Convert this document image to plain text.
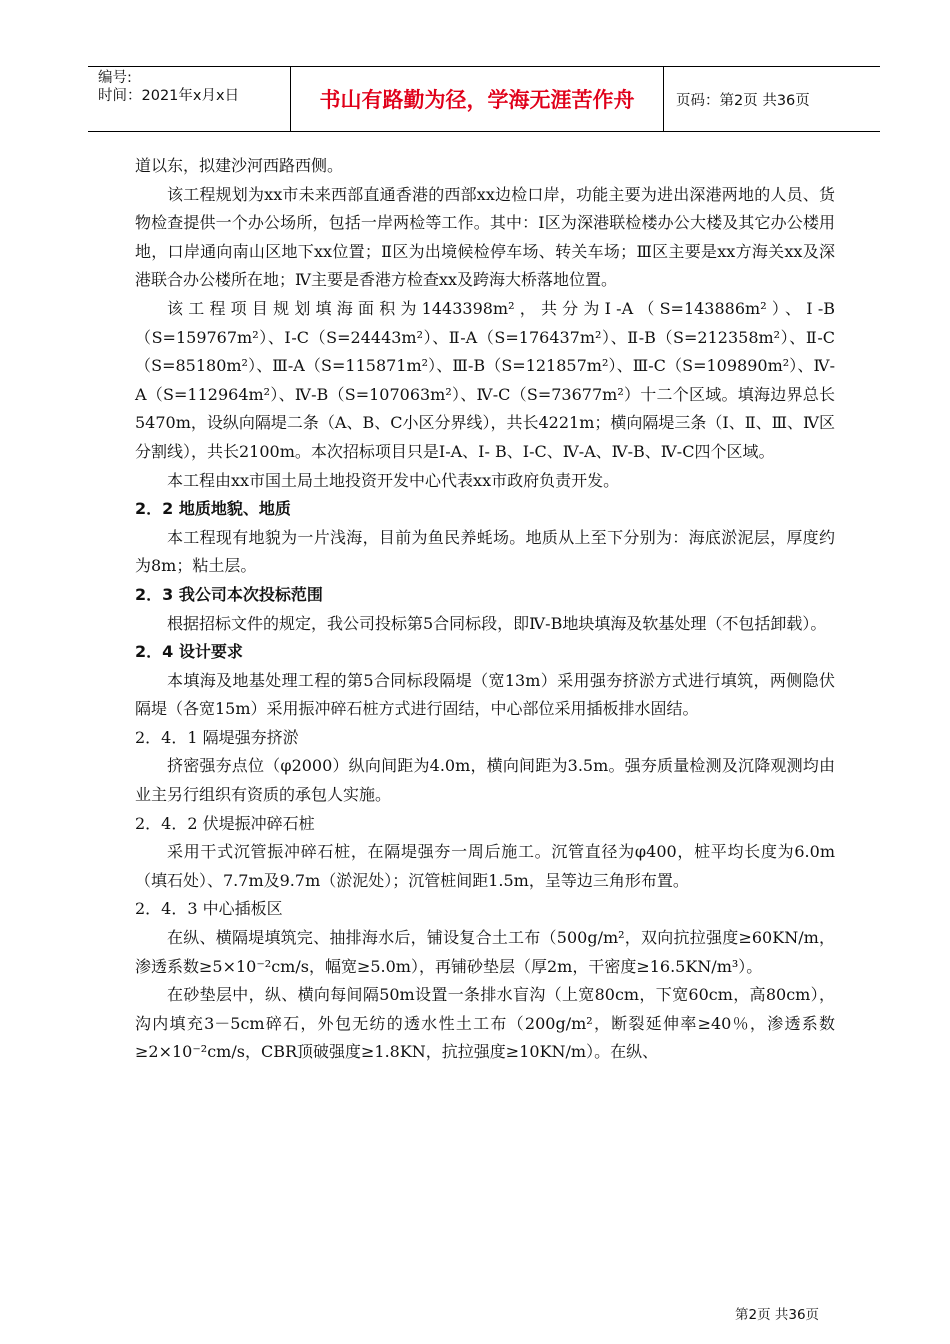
编号:
时间：2021年x月x日	书山有路勤为径，学海无涯苦作舟	页码：第2页 共36页

道以东，拟建沙河西路西侧。

该工程规划为xx市未来西部直通香港的西部xx边检口岸，功能主要为进出深港两地的人员、货物检查提供一个办公场所，包括一岸两检等工作。其中：Ⅰ区为深港联检楼办公大楼及其它办公楼用地，口岸通向南山区地下xx位置；Ⅱ区为出境候检停车场、转关车场；Ⅲ区主要是xx方海关xx及深港联合办公楼所在地；Ⅳ主要是香港方检查xx及跨海大桥落地位置。

该工程项目规划填海面积为1443398m²，共分为Ⅰ-A（S=143886m²）、Ⅰ-B（S=159767m²）、Ⅰ-C（S=24443m²）、Ⅱ-A（S=176437m²）、Ⅱ-B（S=212358m²）、Ⅱ-C（S=85180m²）、Ⅲ-A（S=115871m²）、Ⅲ-B（S=121857m²）、Ⅲ-C（S=109890m²）、Ⅳ-A（S=112964m²）、Ⅳ-B（S=107063m²）、Ⅳ-C（S=73677m²）十二个区域。填海边界总长5470m，设纵向隔堤二条（A、B、C小区分界线），共长4221m；横向隔堤三条（Ⅰ、Ⅱ、Ⅲ、Ⅳ区分割线），共长2100m。本次招标项目只是Ⅰ-A、Ⅰ- B、Ⅰ-C、Ⅳ-A、Ⅳ-B、Ⅳ-C四个区域。

本工程由xx市国土局土地投资开发中心代表xx市政府负责开发。

2．2 地质地貌、地质

本工程现有地貌为一片浅海，目前为鱼民养蚝场。地质从上至下分别为：海底淤泥层，厚度约为8m；粘土层。

2．3 我公司本次投标范围

根据招标文件的规定，我公司投标第5合同标段，即Ⅳ-B地块填海及软基处理（不包括卸载）。

2．4 设计要求

本填海及地基处理工程的第5合同标段隔堤（宽13m）采用强夯挤淤方式进行填筑，两侧隐伏隔堤（各宽15m）采用振冲碎石桩方式进行固结，中心部位采用插板排水固结。

2．4．1 隔堤强夯挤淤

挤密强夯点位（φ2000）纵向间距为4.0m，横向间距为3.5m。强夯质量检测及沉降观测均由业主另行组织有资质的承包人实施。

2．4．2 伏堤振冲碎石桩

采用干式沉管振冲碎石桩，在隔堤强夯一周后施工。沉管直径为φ400，桩平均长度为6.0m（填石处）、7.7m及9.7m（淤泥处）；沉管桩间距1.5m，呈等边三角形布置。

2．4．3 中心插板区

在纵、横隔堤填筑完、抽排海水后，铺设复合土工布（500g/m²，双向抗拉强度≥60KN/m，渗透系数≥5×10⁻²cm/s，幅宽≥5.0m），再铺砂垫层（厚2m，干密度≥16.5KN/m³）。

在砂垫层中，纵、横向每间隔50m设置一条排水盲沟（上宽80cm，下宽60cm，高80cm），沟内填充3－5cm碎石，外包无纺的透水性土工布（200g/m²，断裂延伸率≥40％，渗透系数≥2×10⁻²cm/s，CBR顶破强度≥1.8KN，抗拉强度≥10KN/m）。在纵、

第2页 共36页
